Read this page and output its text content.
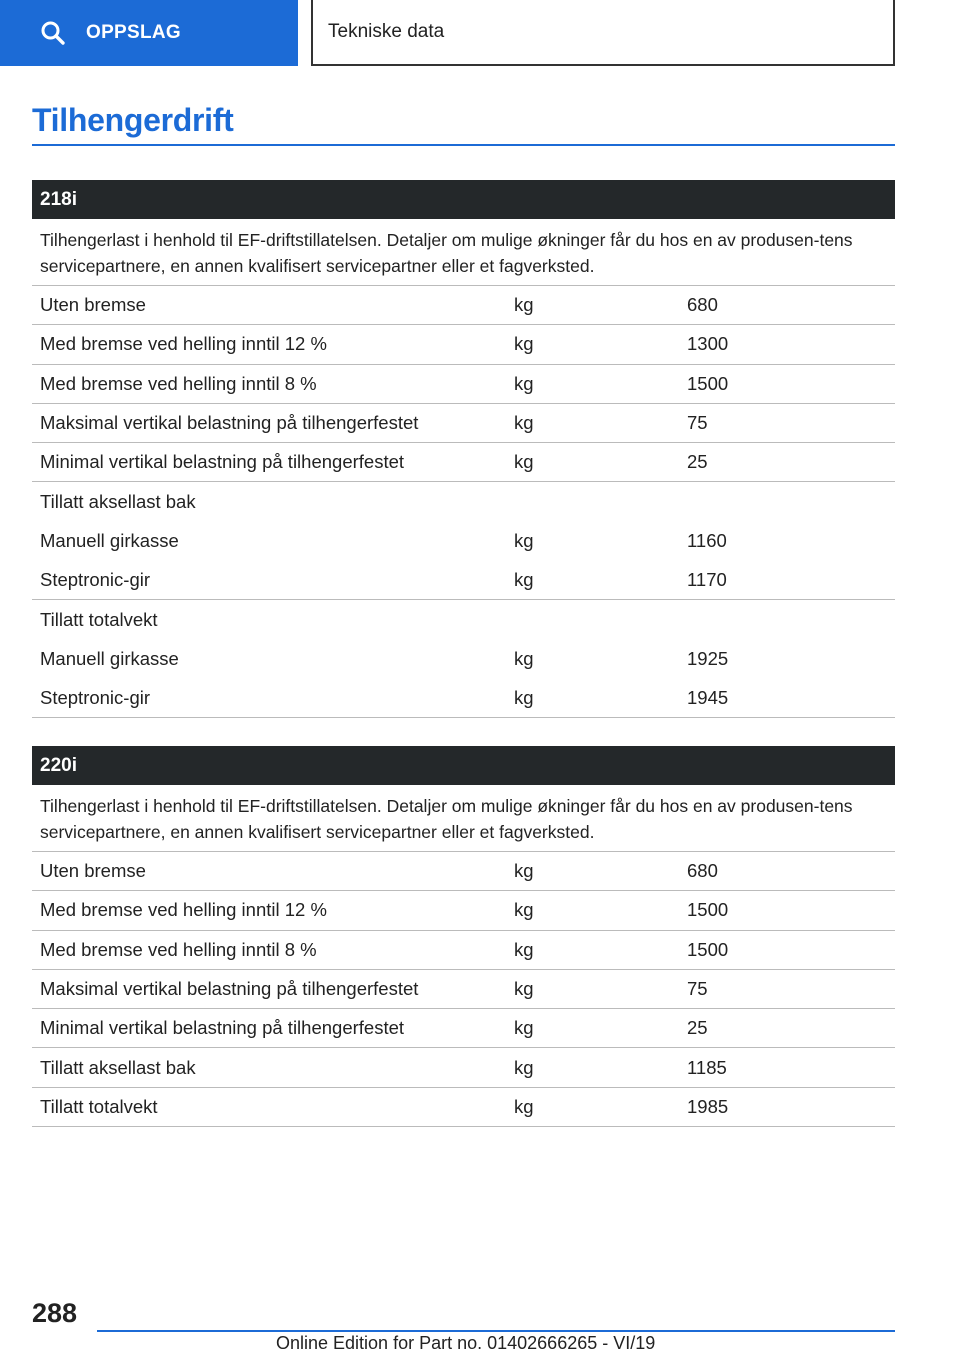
OPPSLAG	Tekniske data
Tilhengerdrift
218i
Tilhengerlast i henhold til EF-driftstillatelsen. Detaljer om mulige økninger får du hos en av produsen-tens servicepartnere, en annen kvalifisert servicepartner eller et fagverksted.
Uten bremse	kg	680
Med bremse ved helling inntil 12 %	kg	1300
Med bremse ved helling inntil 8 %	kg	1500
Maksimal vertikal belastning på tilhengerfestet	kg	75
Minimal vertikal belastning på tilhengerfestet	kg	25
Tillatt aksellast bak
Manuell girkasse	kg	1160
Steptronic-gir	kg	1170
Tillatt totalvekt
Manuell girkasse	kg	1925
Steptronic-gir	kg	1945
220i
Tilhengerlast i henhold til EF-driftstillatelsen. Detaljer om mulige økninger får du hos en av produsen-tens servicepartnere, en annen kvalifisert servicepartner eller et fagverksted.
Uten bremse	kg	680
Med bremse ved helling inntil 12 %	kg	1500
Med bremse ved helling inntil 8 %	kg	1500
Maksimal vertikal belastning på tilhengerfestet	kg	75
Minimal vertikal belastning på tilhengerfestet	kg	25
Tillatt aksellast bak	kg	1185
Tillatt totalvekt	kg	1985
288
Online Edition for Part no. 01402666265 - VI/19
